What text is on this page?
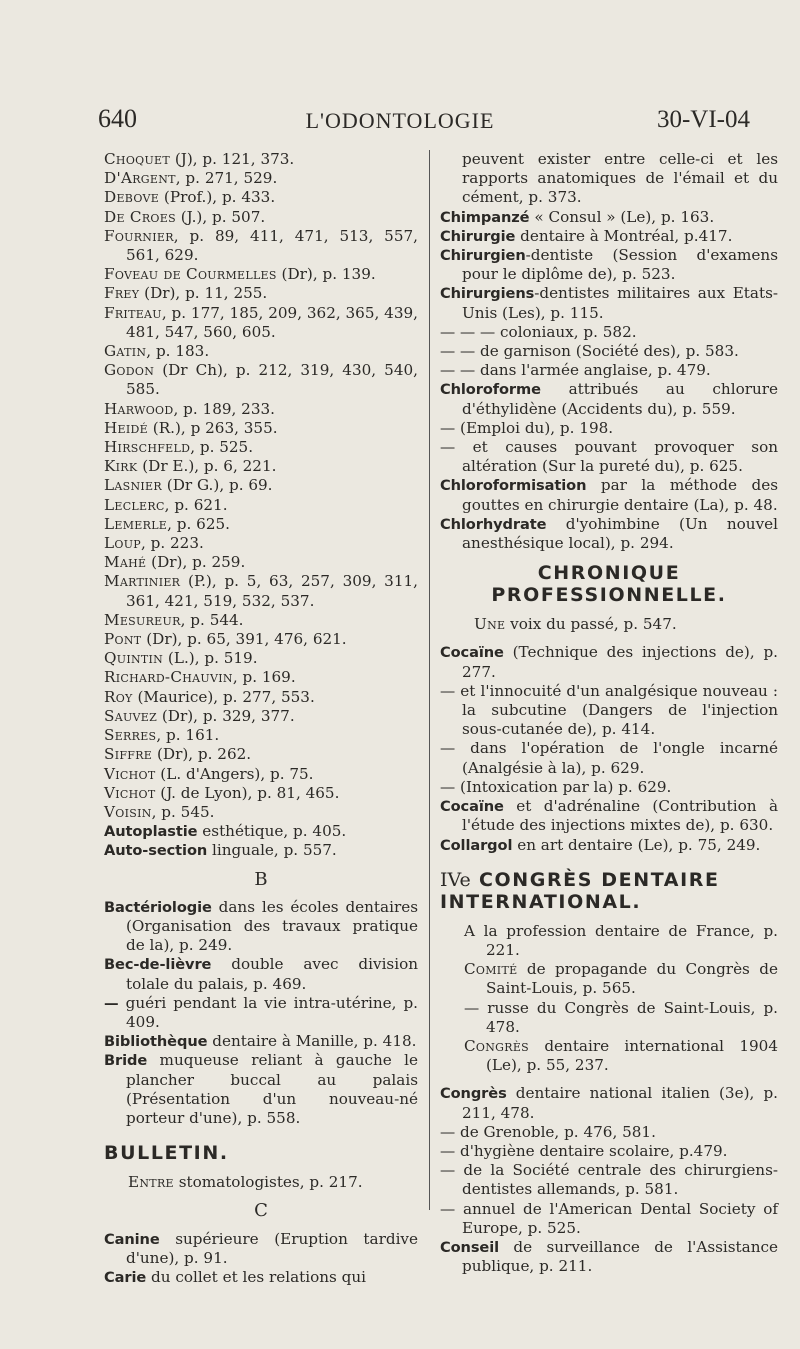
640	L'ODONTOLOGIE	30-VI-04

Choquet (J), p. 121, 373.

D'Argent, p. 271, 529.

Debove (Prof.), p. 433.

De Croes (J.), p. 507.

Fournier, p. 89, 411, 471, 513, 557, 561, 629.

Foveau de Courmelles (Dr), p. 139.

Frey (Dr), p. 11, 255.

Friteau, p. 177, 185, 209, 362, 365, 439, 481, 547, 560, 605.

Gatin, p. 183.

Godon (Dr Ch), p. 212, 319, 430, 540, 585.

Harwood, p. 189, 233.

Heidé (R.), p 263, 355.

Hirschfeld, p. 525.

Kirk (Dr E.), p. 6, 221.

Lasnier (Dr G.), p. 69.

Leclerc, p. 621.

Lemerle, p. 625.

Loup, p. 223.

Mahé (Dr), p. 259.

Martinier (P.), p. 5, 63, 257, 309, 311, 361, 421, 519, 532, 537.

Mesureur, p. 544.

Pont (Dr), p. 65, 391, 476, 621.

Quintin (L.), p. 519.

Richard-Chauvin, p. 169.

Roy (Maurice), p. 277, 553.

Sauvez (Dr), p. 329, 377.

Serres, p. 161.

Siffre (Dr), p. 262.

Vichot (L. d'Angers), p. 75.

Vichot (J. de Lyon), p. 81, 465.

Voisin, p. 545.

Autoplastie esthétique, p. 405.

Auto-section linguale, p. 557.

B

Bactériologie dans les écoles dentaires (Organisation des travaux pratique de la), p. 249.

Bec-de-lièvre double avec division tolale du palais, p. 469.

— guéri pendant la vie intra-utérine, p. 409.

Bibliothèque dentaire à Manille, p. 418.

Bride muqueuse reliant à gauche le plancher buccal au palais (Présentation d'un nouveau-né porteur d'une), p. 558.

BULLETIN.

Entre stomatologistes, p. 217.

C

Canine supérieure (Eruption tardive d'une), p. 91.

Carie du collet et les relations qui

peuvent exister entre celle-ci et les rapports anatomiques de l'émail et du cément, p. 373.

Chimpanzé « Consul » (Le), p. 163.

Chirurgie dentaire à Montréal, p.417.

Chirurgien-dentiste (Session d'examens pour le diplôme de), p. 523.

Chirurgiens-dentistes militaires aux Etats-Unis (Les), p. 115.

— — — coloniaux, p. 582.

— — de garnison (Société des), p. 583.

— — dans l'armée anglaise, p. 479.

Chloroforme attribués au chlorure d'éthylidène (Accidents du), p. 559.

— (Emploi du), p. 198.

— et causes pouvant provoquer son altération (Sur la pureté du), p. 625.

Chloroformisation par la méthode des gouttes en chirurgie dentaire (La), p. 48.

Chlorhydrate d'yohimbine (Un nouvel anesthésique local), p. 294.

CHRONIQUE PROFESSIONNELLE.

Une voix du passé, p. 547.

Cocaïne (Technique des injections de), p. 277.

— et l'innocuité d'un analgésique nouveau : la subcutine (Dangers de l'injection sous-cutanée de), p. 414.

— dans l'opération de l'ongle incarné (Analgésie à la), p. 629.

— (Intoxication par la) p. 629.

Cocaïne et d'adrénaline (Contribution à l'étude des injections mixtes de), p. 630.

Collargol en art dentaire (Le), p. 75, 249.

IVe CONGRÈS DENTAIRE INTERNATIONAL.

A la profession dentaire de France, p. 221.

Comité de propagande du Congrès de Saint-Louis, p. 565.

— russe du Congrès de Saint-Louis, p. 478.

Congrès dentaire international 1904 (Le), p. 55, 237.

Congrès dentaire national italien (3e), p. 211, 478.

— de Grenoble, p. 476, 581.

— d'hygiène dentaire scolaire, p.479.

— de la Société centrale des chirurgiens-dentistes allemands, p. 581.

— annuel de l'American Dental Society of Europe, p. 525.

Conseil de surveillance de l'Assistance publique, p. 211.
